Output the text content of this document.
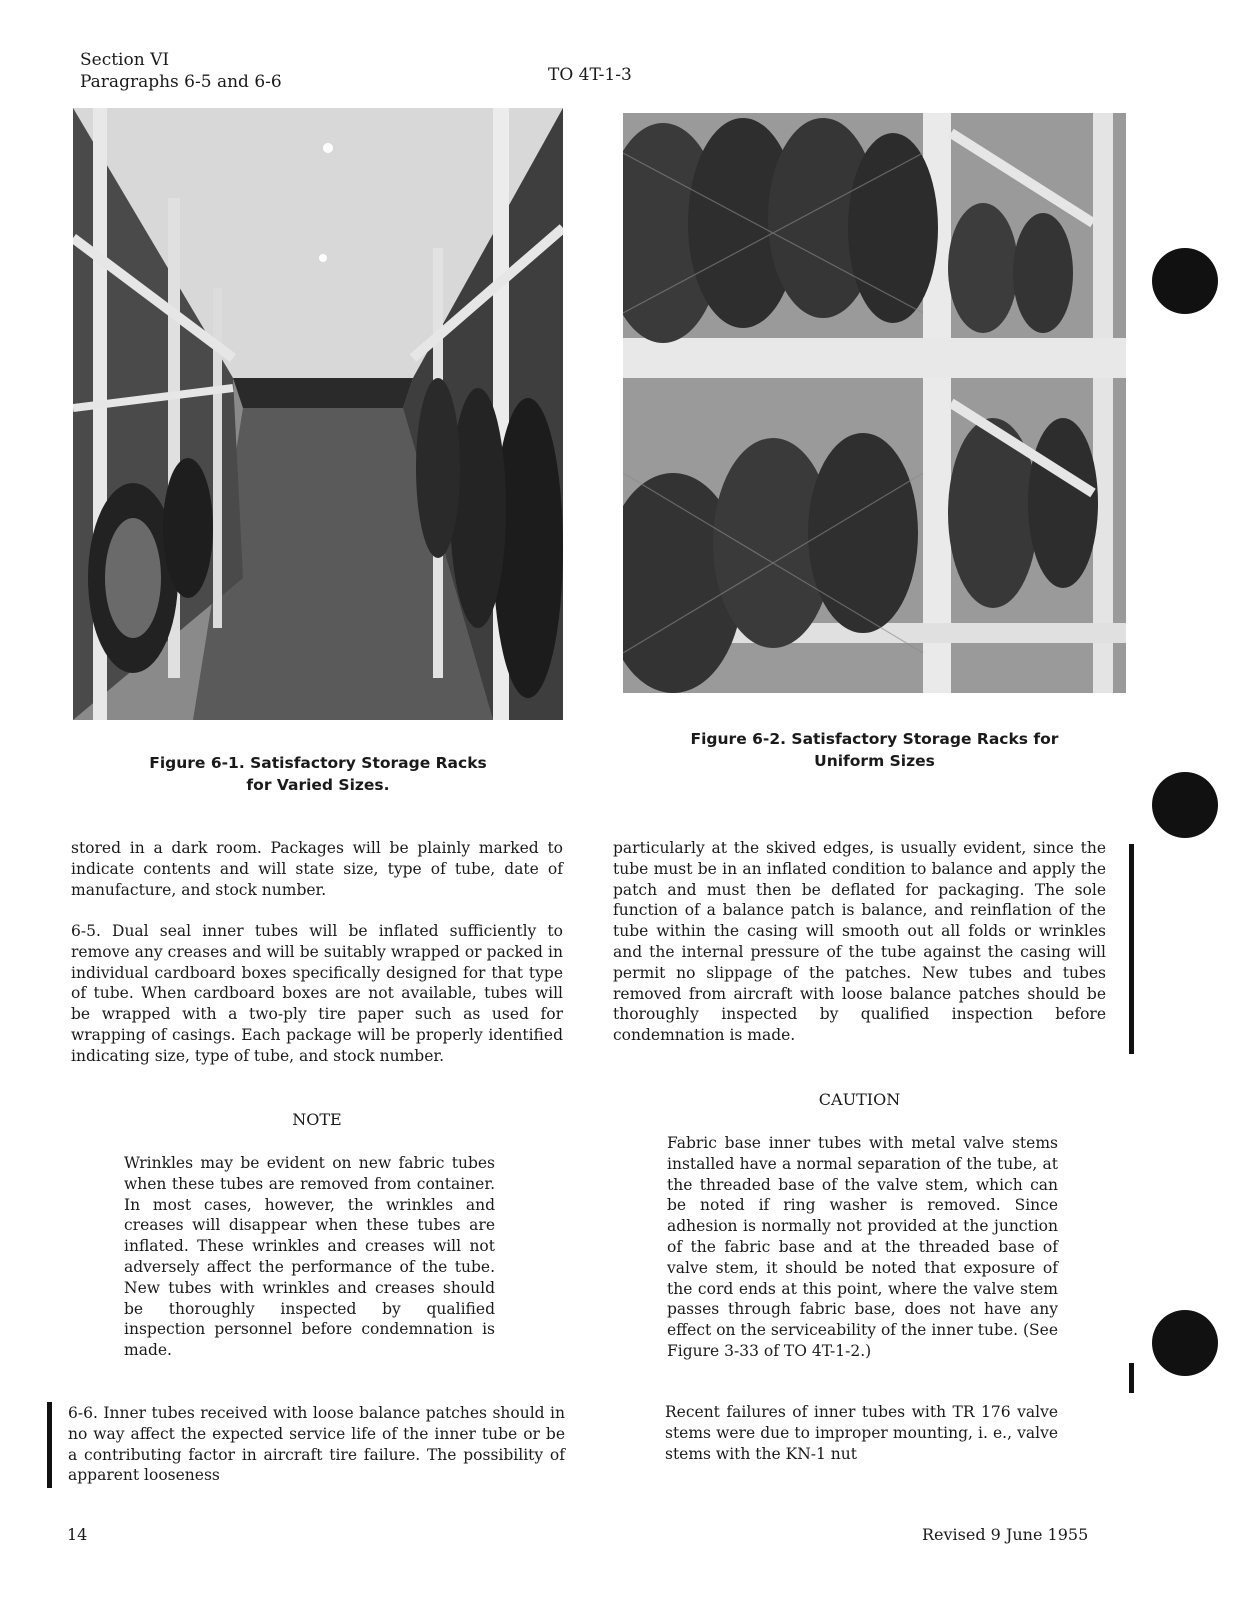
Section VI
Paragraphs 6-5 and 6-6	TO 4T-1-3
Figure 6-1. Satisfactory Storage Racks
for Varied Sizes.
Figure 6-2. Satisfactory Storage Racks for
Uniform Sizes

stored in a dark room. Packages will be plainly marked to indicate contents and will state size, type of tube, date of manufacture, and stock number.

6-5. Dual seal inner tubes will be inflated sufficiently to remove any creases and will be suitably wrapped or packed in individual cardboard boxes specifically designed for that type of tube. When cardboard boxes are not available, tubes will be wrapped with a two-ply tire paper such as used for wrapping of casings. Each package will be properly identified indicating size, type of tube, and stock number.

NOTE

Wrinkles may be evident on new fabric tubes when these tubes are removed from container. In most cases, however, the wrinkles and creases will disappear when these tubes are inflated. These wrinkles and creases will not adversely affect the performance of the tube. New tubes with wrinkles and creases should be thoroughly inspected by qualified inspection personnel before condemnation is made.

6-6. Inner tubes received with loose balance patches should in no way affect the expected service life of the inner tube or be a contributing factor in aircraft tire failure. The possibility of apparent looseness

particularly at the skived edges, is usually evident, since the tube must be in an inflated condition to balance and apply the patch and must then be deflated for packaging. The sole function of a balance patch is balance, and reinflation of the tube within the casing will smooth out all folds or wrinkles and the internal pressure of the tube against the casing will permit no slippage of the patches. New tubes and tubes removed from aircraft with loose balance patches should be thoroughly inspected by qualified inspection before condemnation is made.

CAUTION

Fabric base inner tubes with metal valve stems installed have a normal separation of the tube, at the threaded base of the valve stem, which can be noted if ring washer is removed. Since adhesion is normally not provided at the junction of the fabric base and at the threaded base of valve stem, it should be noted that exposure of the cord ends at this point, where the valve stem passes through fabric base, does not have any effect on the serviceability of the inner tube. (See Figure 3-33 of TO 4T-1-2.)

Recent failures of inner tubes with TR 176 valve stems were due to improper mounting, i. e., valve stems with the KN-1 nut

14	Revised 9 June 1955
